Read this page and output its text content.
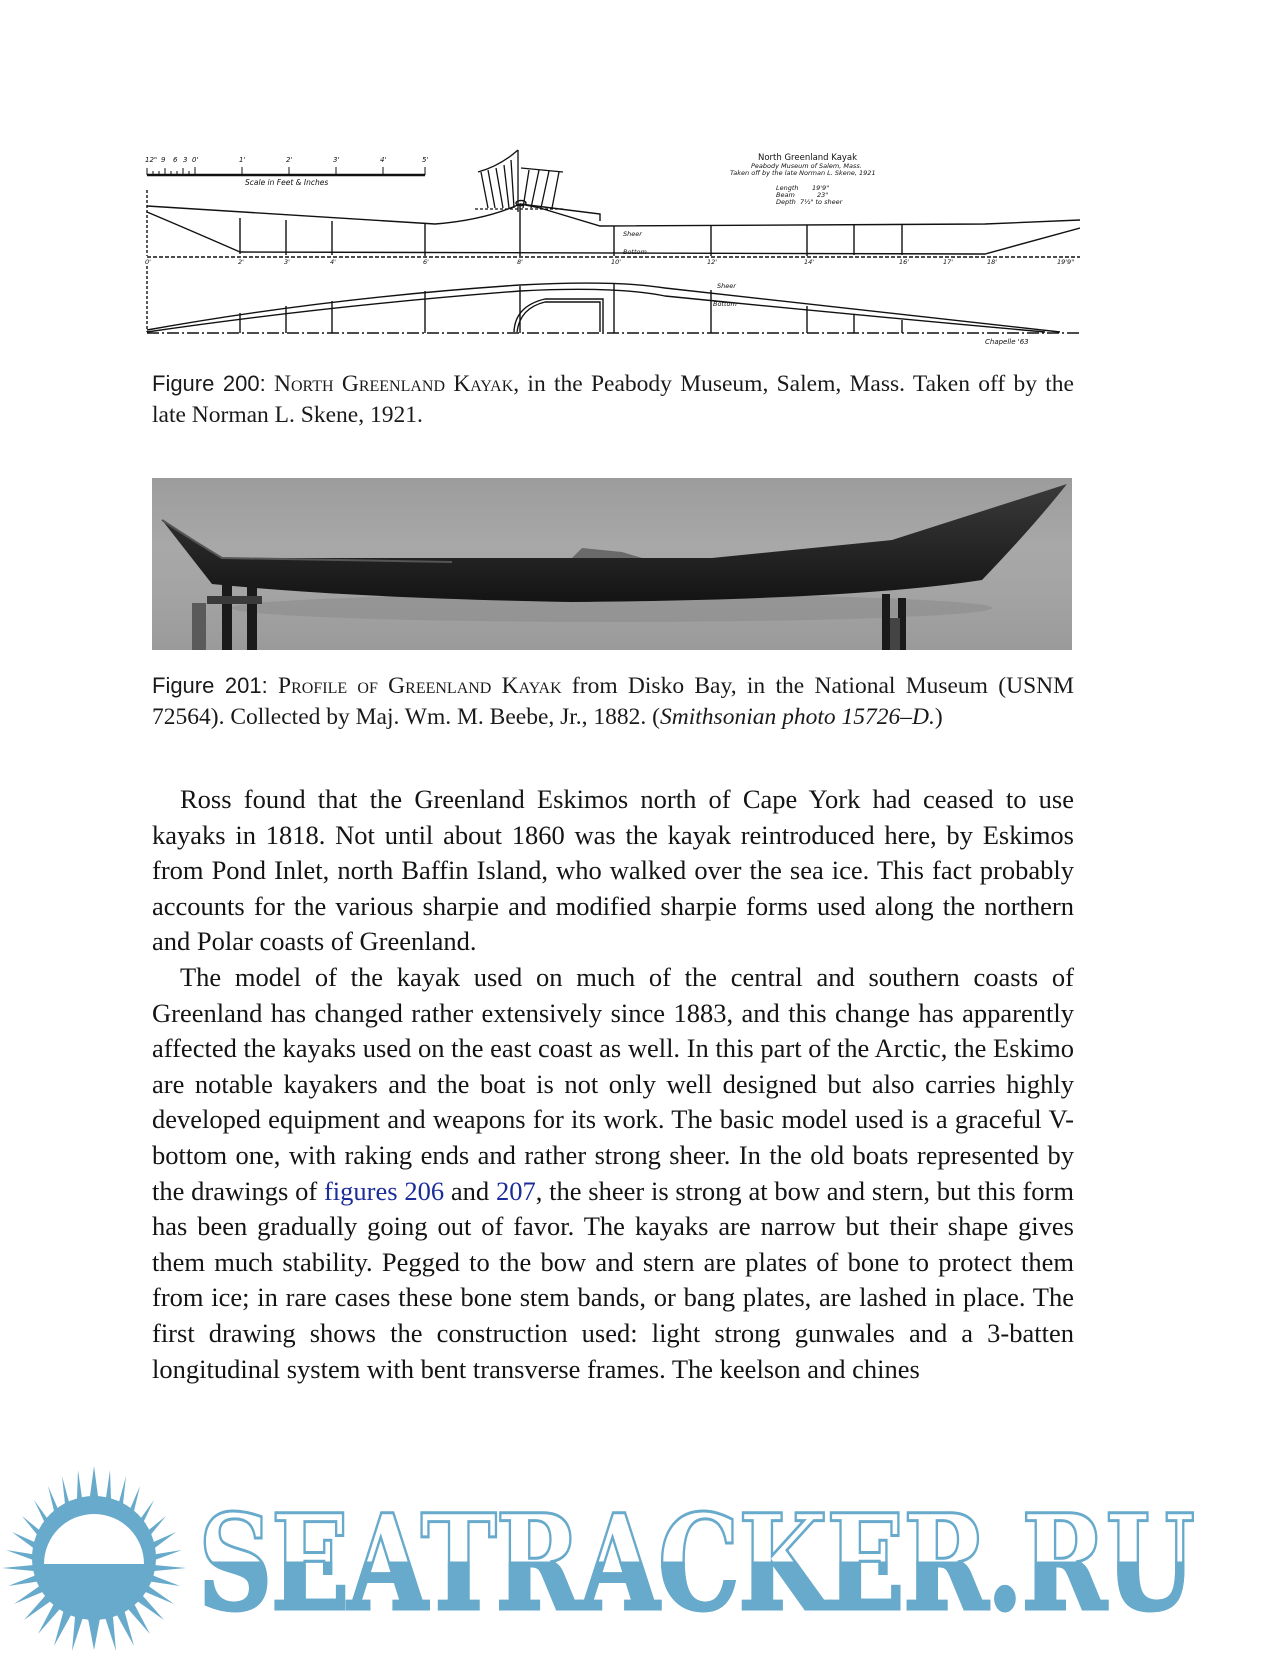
12" 9 6 3 0'	1'	2'	3'	4'	5'
Scale in Feet & Inches
North Greenland Kayak
Peabody Museum of Salem, Mass.
Taken off by the late Norman L. Skene, 1921
Length 19'9"
Beam	23"
Depth 7½" to sheer
Sheer
Bottom
0'	2'	3'	4'	6'	8'	10'	12'	14'	16'	17'	18'	19'9"
Sheer
Bottom
Chapelle '63
Figure 200: North Greenland Kayak, in the Peabody Museum, Salem, Mass. Taken off by the late Norman L. Skene, 1921.
Figure 201: Profile of Greenland Kayak from Disko Bay, in the National Museum (USNM 72564). Collected by Maj. Wm. M. Beebe, Jr., 1882. (Smithsonian photo 15726–D.)

Ross found that the Greenland Eskimos north of Cape York had ceased to use kayaks in 1818. Not until about 1860 was the kayak reintroduced here, by Eskimos from Pond Inlet, north Baffin Island, who walked over the sea ice. This fact probably accounts for the various sharpie and modified sharpie forms used along the northern and Polar coasts of Greenland.

The model of the kayak used on much of the central and southern coasts of Greenland has changed rather extensively since 1883, and this change has apparently affected the kayaks used on the east coast as well. In this part of the Arctic, the Eskimo are notable kayakers and the boat is not only well designed but also carries highly developed equipment and weapons for its work. The basic model used is a graceful V-bottom one, with raking ends and rather strong sheer. In the old boats represented by the drawings of figures 206 and 207, the sheer is strong at bow and stern, but this form has been gradually going out of favor. The kayaks are narrow but their shape gives them much stability. Pegged to the bow and stern are plates of bone to protect them from ice; in rare cases these bone stem bands, or bang plates, are lashed in place. The first drawing shows the construction used: light strong gunwales and a 3-batten longitudinal system with bent transverse frames. The keelson and chines

SEATRACKER.RU
